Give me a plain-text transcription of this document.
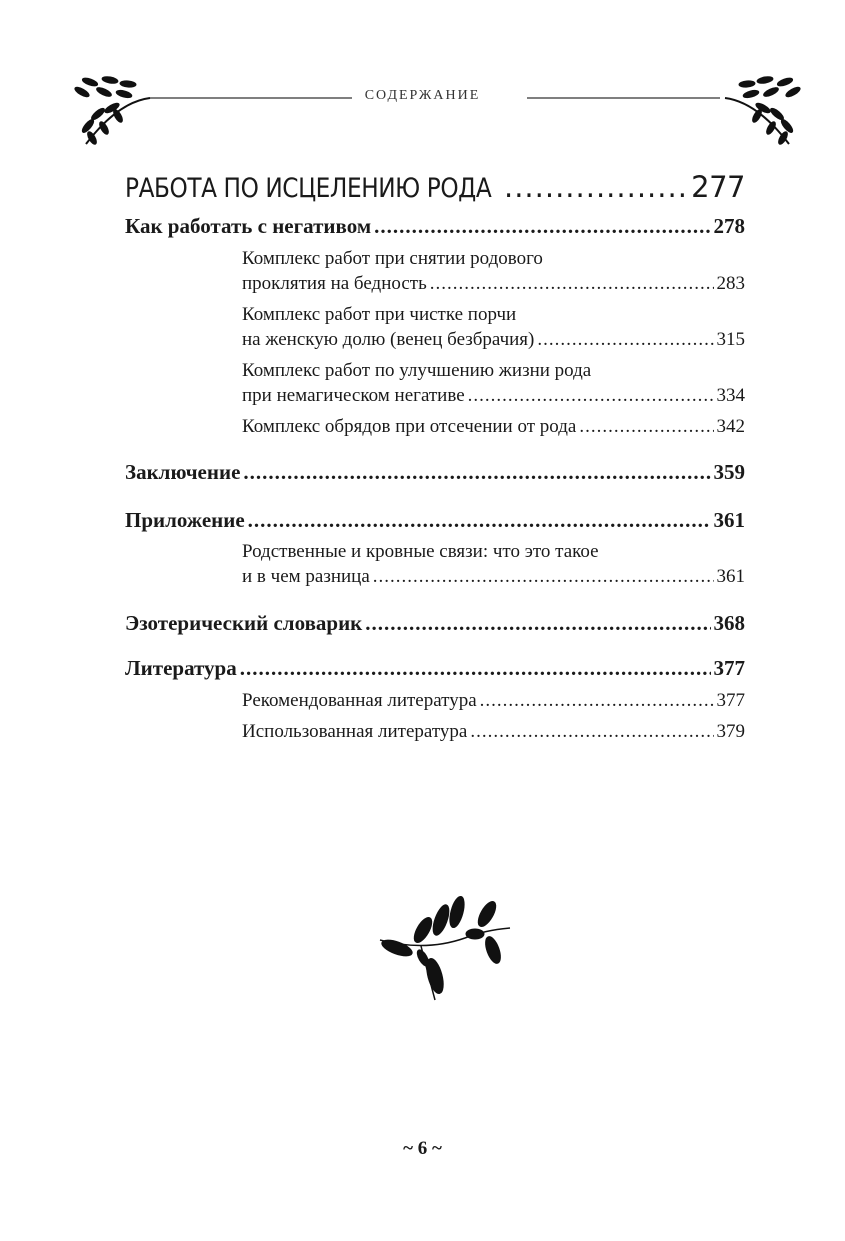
СОДЕРЖАНИЕ
РАБОТА ПО ИСЦЕЛЕНИЮ РОДА .....	277
Как работать с негативом .....	278
Комплекс работ при снятии родового
проклятия на бедность .....	283
Комплекс работ при чистке порчи
на женскую долю (венец безбрачия) .....	315
Комплекс работ по улучшению жизни рода
при немагическом негативе .....	334
Комплекс обрядов при отсечении от рода .....	342
Заключение .....	359
Приложение .....	361
Родственные и кровные связи: что это такое
и в чем разница .....	361
Эзотерический словарик .....	368
Литература .....	377
Рекомендованная литература .....	377
Использованная литература .....	379
~ 6 ~
